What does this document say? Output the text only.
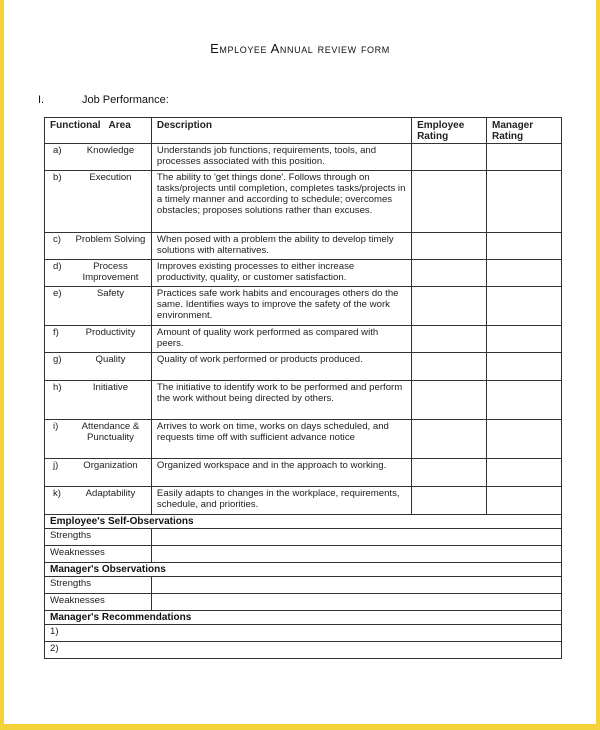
Employee Annual review form
I.	Job Performance:
Functional   Area	Description	Employee Rating	Manager Rating

a) Knowledge	Understands job functions, requirements, tools, and processes associated with this position.		

b) Execution	The ability to 'get things done'. Follows through on tasks/projects until completion, completes tasks/projects in a timely manner and according to schedule; overcomes obstacles; proposes solutions rather than excuses.		

c) Problem Solving	When posed with a problem the ability to develop timely solutions with alternatives.		

d) Process Improvement	Improves existing processes to either increase productivity, quality, or customer satisfaction.		

e) Safety	Practices safe work habits and encourages others do the same. Identifies ways to improve the safety of the work environment.		

f) Productivity	Amount of quality work performed as compared with peers.		

g) Quality	Quality of work performed or products produced.		

h) Initiative	The initiative to identify work to be performed and perform the work without being directed by others.		

i) Attendance & Punctuality	Arrives to work on time, works on days scheduled, and requests time off with sufficient advance notice		

j) Organization	Organized workspace and in the approach to working.		

k) Adaptability	Easily adapts to changes in the workplace, requirements, schedule, and priorities.		
Employee's Self-Observations			
Strengths			
Weaknesses			
Manager's Observations			
Strengths			
Weaknesses			
Manager's Recommendations			
1)			
2)			
